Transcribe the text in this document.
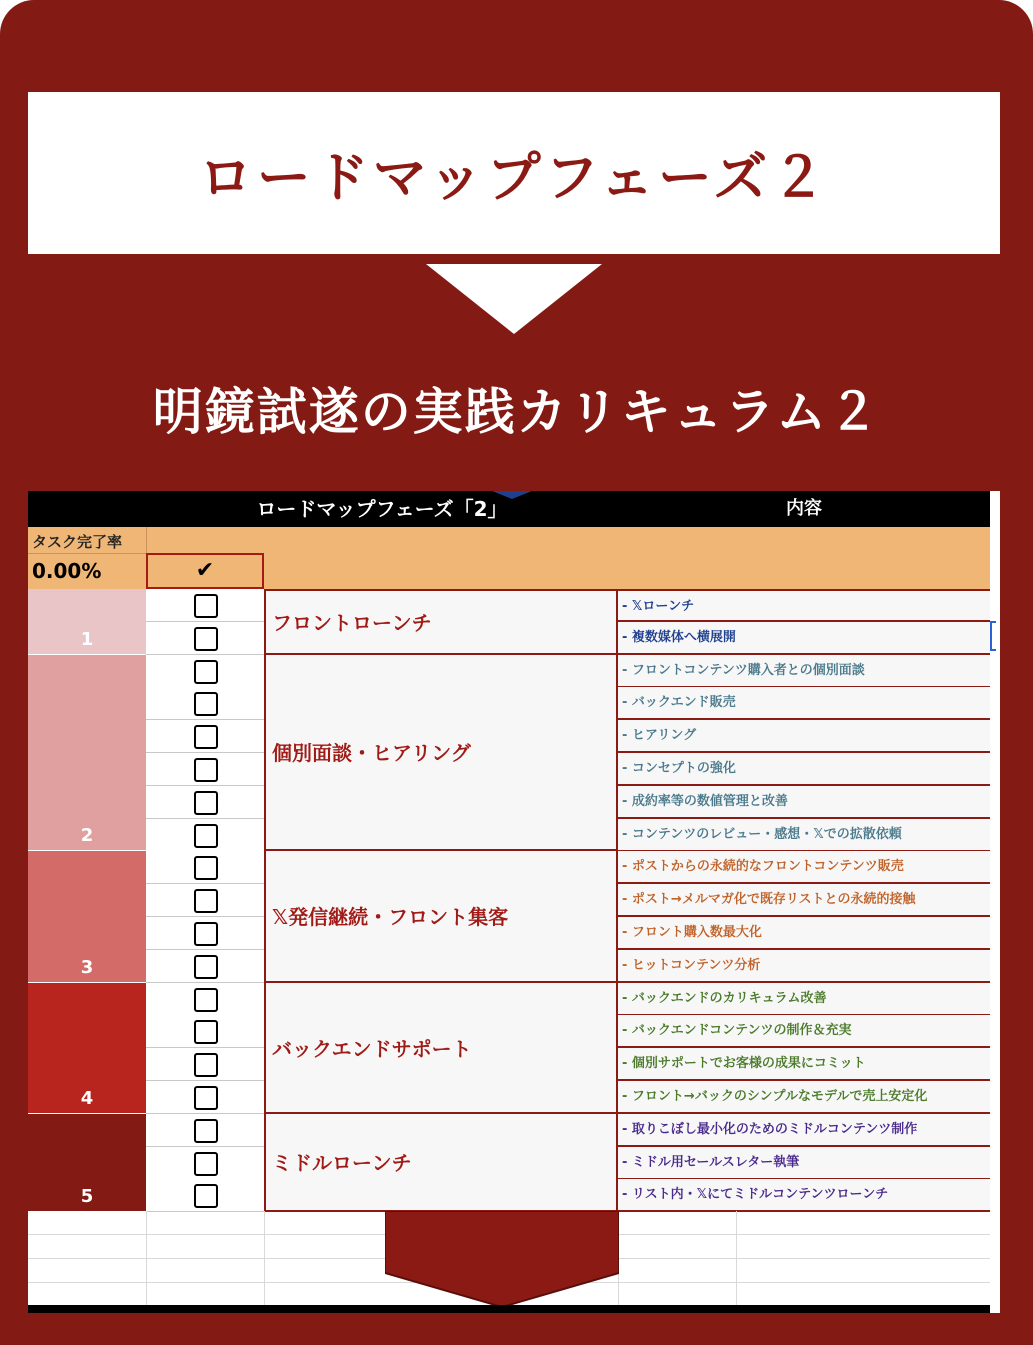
ロードマップフェーズ２
明鏡試遂の実践カリキュラム２
ロードマップフェーズ「2」	内容
タスク完了率
0.00%	✔
1
フロントローンチ
- 𝕏ローンチ
- 複数媒体へ横展開
2
個別面談・ヒアリング
- フロントコンテンツ購入者との個別面談
- バックエンド販売
- ヒアリング
- コンセプトの強化
- 成約率等の数値管理と改善
- コンテンツのレビュー・感想・𝕏での拡散依頼
3
𝕏発信継続・フロント集客
- ポストからの永続的なフロントコンテンツ販売
- ポスト→メルマガ化で既存リストとの永続的接触
- フロント購入数最大化
- ヒットコンテンツ分析
4
バックエンドサポート
- バックエンドのカリキュラム改善
- バックエンドコンテンツの制作＆充実
- 個別サポートでお客様の成果にコミット
- フロント→バックのシンプルなモデルで売上安定化
5
ミドルローンチ
- 取りこぼし最小化のためのミドルコンテンツ制作
- ミドル用セールスレター執筆
- リスト内・𝕏にてミドルコンテンツローンチ
